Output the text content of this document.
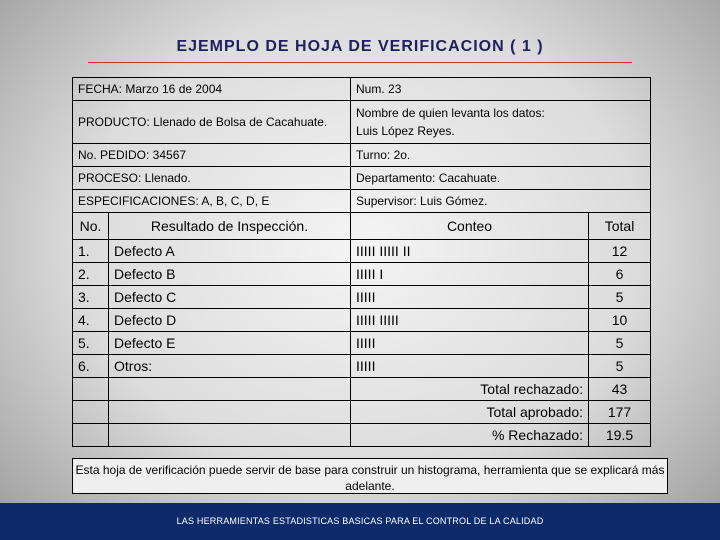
EJEMPLO DE HOJA DE VERIFICACION ( 1 )
FECHA: Marzo 16 de 2004		Num. 23	
PRODUCTO: Llenado de Bolsa de Cacahuate.		Nombre de quien levanta los datos:
Luis López Reyes.	

No. PEDIDO: 34567		Turno: 2o.	
PROCESO: Llenado.		Departamento: Cacahuate.	
ESPECIFICACIONES: A, B, C, D, E		Supervisor: Luis Gómez.	
No.	Resultado de Inspección.	Conteo	Total
1.	Defecto A	IIIII IIIII II	12
2.	Defecto B	IIIII I	6
3.	Defecto C	IIIII	5
4.	Defecto D	IIIII IIIII	10
5.	Defecto E	IIIII	5
6.	Otros:	IIIII	5
		Total rechazado:	43
		Total aprobado:	177
		% Rechazado:	19.5
Esta hoja de verificación puede servir de base para construir un histograma, herramienta que se explicará más adelante.
LAS HERRAMIENTAS ESTADISTICAS BASICAS PARA EL CONTROL DE LA CALIDAD
